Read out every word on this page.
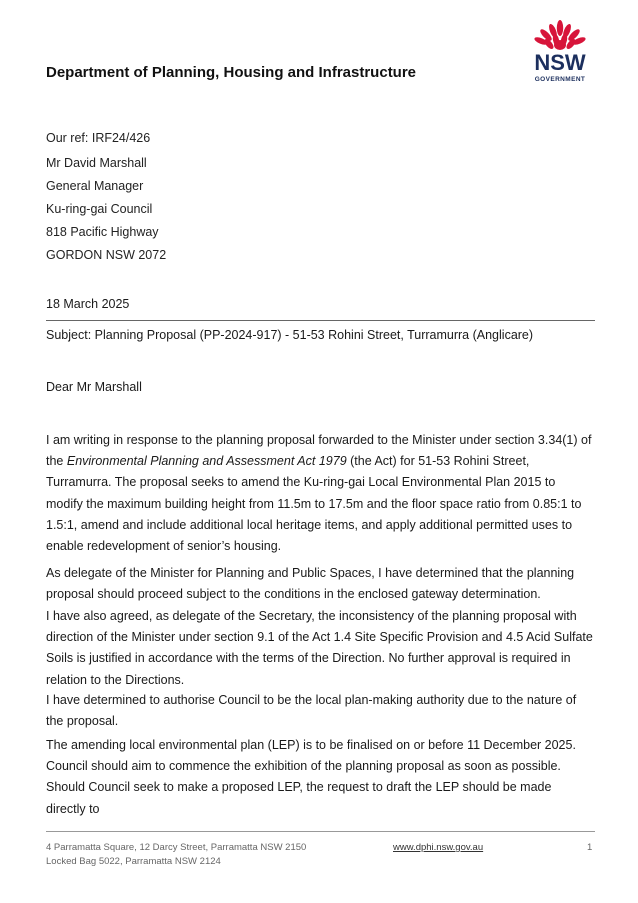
Department of Planning, Housing and Infrastructure	NSW
GOVERNMENT
Our ref: IRF24/426
Mr David Marshall
General Manager
Ku-ring-gai Council
818 Pacific Highway
GORDON NSW 2072
18 March 2025
Subject: Planning Proposal (PP-2024-917) - 51-53 Rohini Street, Turramurra (Anglicare)
Dear Mr Marshall

I am writing in response to the planning proposal forwarded to the Minister under section 3.34(1) of the Environmental Planning and Assessment Act 1979 (the Act) for 51-53 Rohini Street, Turramurra. The proposal seeks to amend the Ku-ring-gai Local Environmental Plan 2015 to modify the maximum building height from 11.5m to 17.5m and the floor space ratio from 0.85:1 to 1.5:1, amend and include additional local heritage items, and apply additional permitted uses to enable redevelopment of senior’s housing.

As delegate of the Minister for Planning and Public Spaces, I have determined that the planning proposal should proceed subject to the conditions in the enclosed gateway determination.

I have also agreed, as delegate of the Secretary, the inconsistency of the planning proposal with direction of the Minister under section 9.1 of the Act 1.4 Site Specific Provision and 4.5 Acid Sulfate Soils is justified in accordance with the terms of the Direction. No further approval is required in relation to the Directions.

I have determined to authorise Council to be the local plan-making authority due to the nature of the proposal.

The amending local environmental plan (LEP) is to be finalised on or before 11 December 2025. Council should aim to commence the exhibition of the planning proposal as soon as possible. Should Council seek to make a proposed LEP, the request to draft the LEP should be made directly to

4 Parramatta Square, 12 Darcy Street, Parramatta NSW 2150
Locked Bag 5022, Parramatta NSW 2124
www.dphi.nsw.gov.au	1
